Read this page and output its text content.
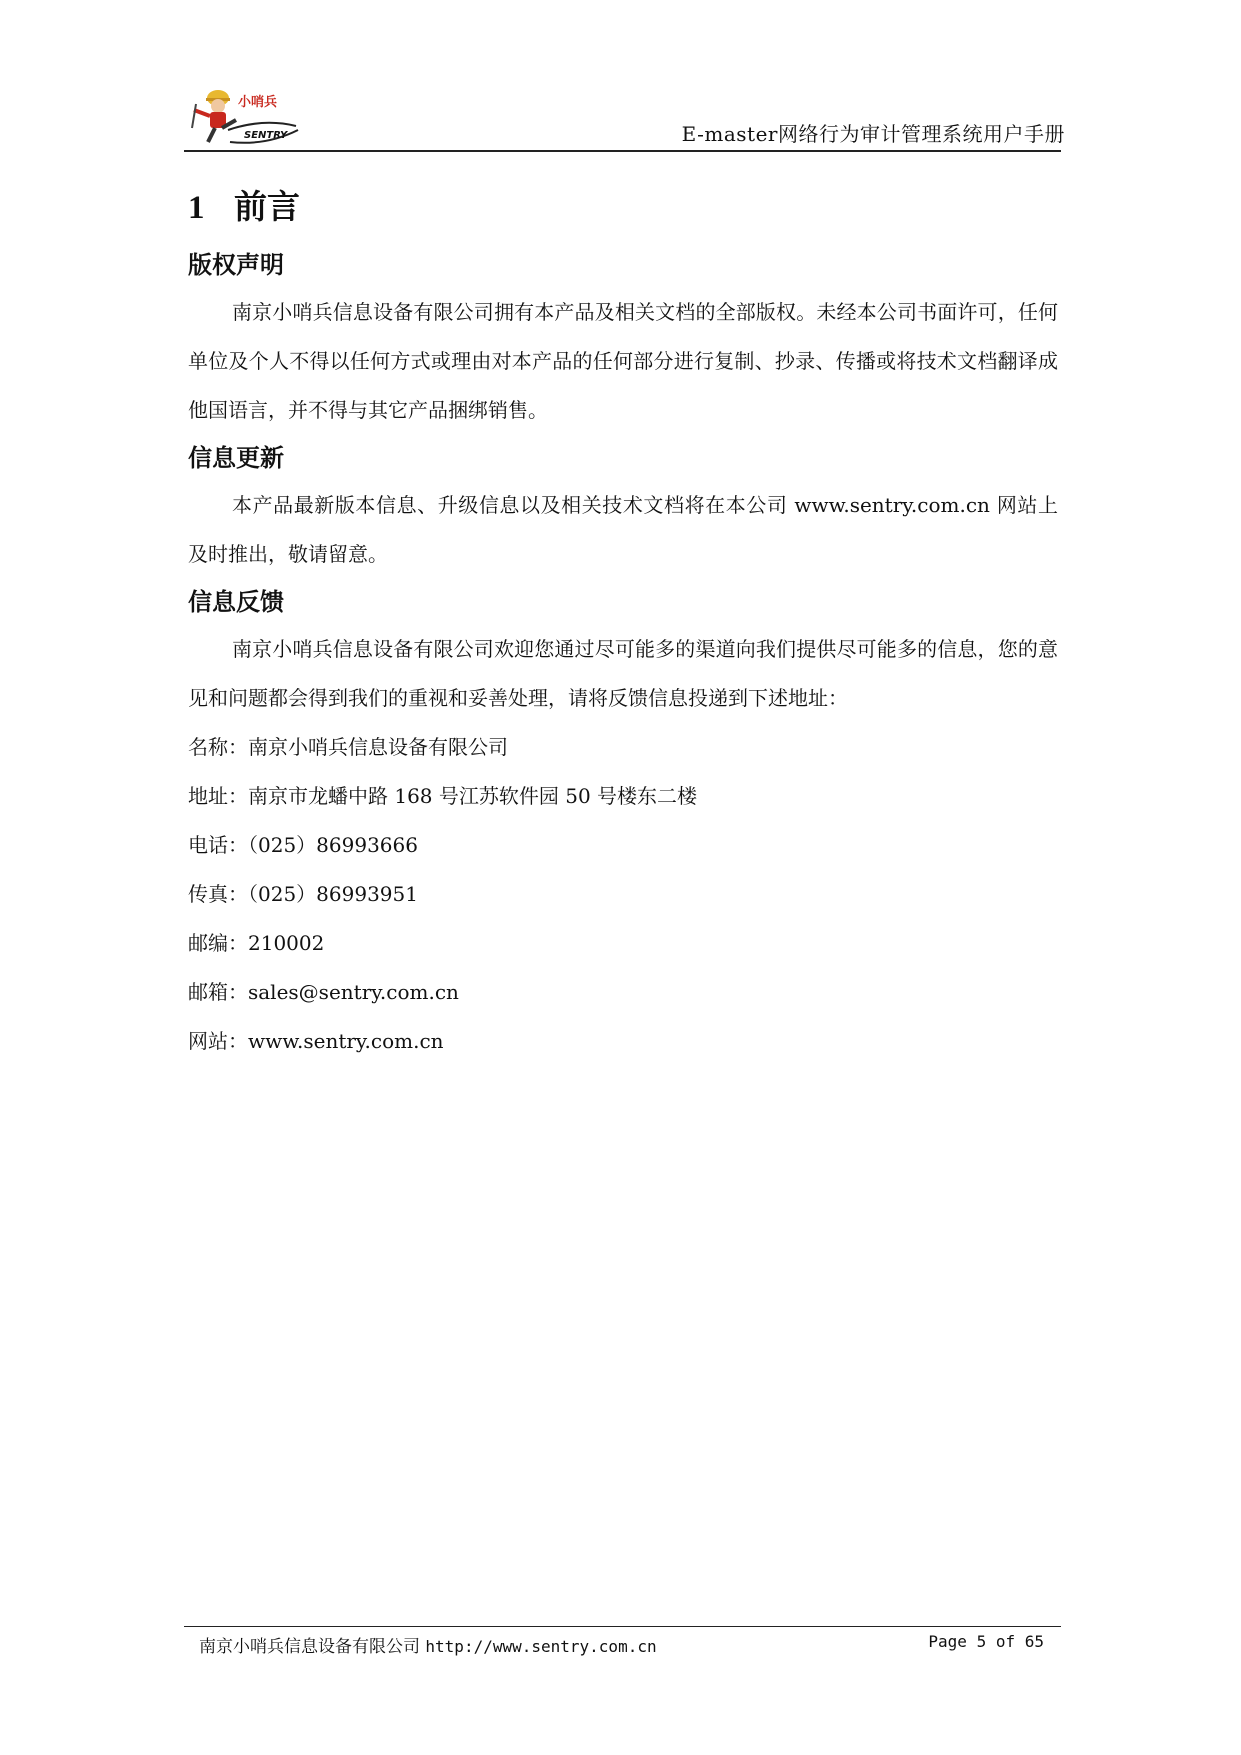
小哨兵
SENTRY	E-master网络行为审计管理系统用户手册
1 前言
版权声明

南京小哨兵信息设备有限公司拥有本产品及相关文档的全部版权。未经本公司书面许可，任何单位及个人不得以任何方式或理由对本产品的任何部分进行复制、抄录、传播或将技术文档翻译成他国语言，并不得与其它产品捆绑销售。

信息更新

本产品最新版本信息、升级信息以及相关技术文档将在本公司 www.sentry.com.cn 网站上及时推出，敬请留意。

信息反馈

南京小哨兵信息设备有限公司欢迎您通过尽可能多的渠道向我们提供尽可能多的信息，您的意见和问题都会得到我们的重视和妥善处理，请将反馈信息投递到下述地址：

名称：南京小哨兵信息设备有限公司

地址：南京市龙蟠中路 168 号江苏软件园 50 号楼东二楼

电话：（025）86993666

传真：（025）86993951

邮编：210002

邮箱：sales@sentry.com.cn

网站：www.sentry.com.cn

南京小哨兵信息设备有限公司 http://www.sentry.com.cn	Page 5 of 65
